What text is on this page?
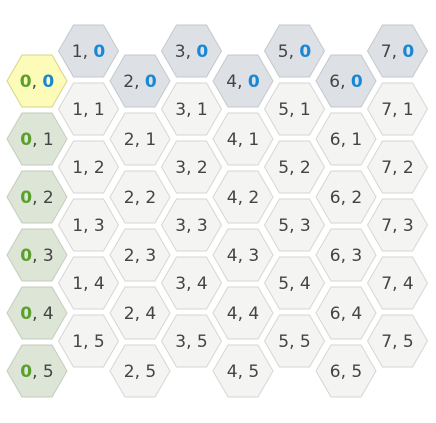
0, 0
1, 0
2, 0
3, 0
4, 0
5, 0
6, 0
7, 0
0, 1
1, 1
2, 1
3, 1
4, 1
5, 1
6, 1
7, 1
0, 2
1, 2
2, 2
3, 2
4, 2
5, 2
6, 2
7, 2
0, 3
1, 3
2, 3
3, 3
4, 3
5, 3
6, 3
7, 3
0, 4
1, 4
2, 4
3, 4
4, 4
5, 4
6, 4
7, 4
0, 5
1, 5
2, 5
3, 5
4, 5
5, 5
6, 5
7, 5
